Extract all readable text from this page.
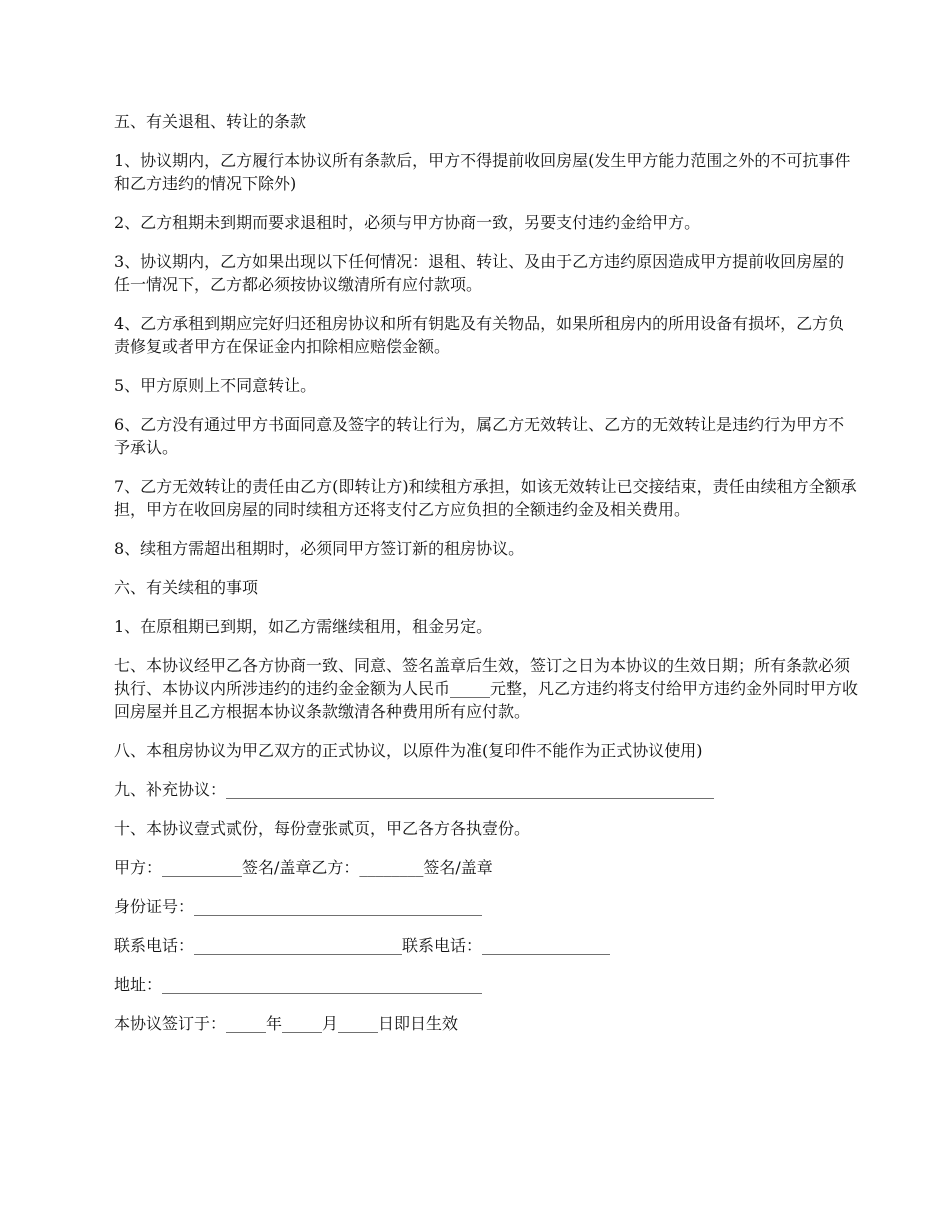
五、有关退租、转让的条款

1、协议期内，乙方履行本协议所有条款后，甲方不得提前收回房屋(发生甲方能力范围之外的不可抗事件和乙方违约的情况下除外)

2、乙方租期未到期而要求退租时，必须与甲方协商一致，另要支付违约金给甲方。

3、协议期内，乙方如果出现以下任何情况：退租、转让、及由于乙方违约原因造成甲方提前收回房屋的任一情况下，乙方都必须按协议缴清所有应付款项。

4、乙方承租到期应完好归还租房协议和所有钥匙及有关物品，如果所租房内的所用设备有损坏，乙方负责修复或者甲方在保证金内扣除相应赔偿金额。

5、甲方原则上不同意转让。

6、乙方没有通过甲方书面同意及签字的转让行为，属乙方无效转让、乙方的无效转让是违约行为甲方不予承认。

7、乙方无效转让的责任由乙方(即转让方)和续租方承担，如该无效转让已交接结束，责任由续租方全额承担，甲方在收回房屋的同时续租方还将支付乙方应负担的全额违约金及相关费用。

8、续租方需超出租期时，必须同甲方签订新的租房协议。

六、有关续租的事项

1、在原租期已到期，如乙方需继续租用，租金另定。

七、本协议经甲乙各方协商一致、同意、签名盖章后生效，签订之日为本协议的生效日期；所有条款必须执行、本协议内所涉违约的违约金金额为人民币_____元整，凡乙方违约将支付给甲方违约金外同时甲方收回房屋并且乙方根据本协议条款缴清各种费用所有应付款。

八、本租房协议为甲乙双方的正式协议，以原件为准(复印件不能作为正式协议使用)

九、补充协议：_____________________________________________________________

十、本协议壹式贰份，每份壹张贰页，甲乙各方各执壹份。

甲方：__________签名/盖章乙方：________签名/盖章

身份证号：____________________________________

联系电话：__________________________联系电话：________________

地址：________________________________________

本协议签订于：_____年_____月_____日即日生效
